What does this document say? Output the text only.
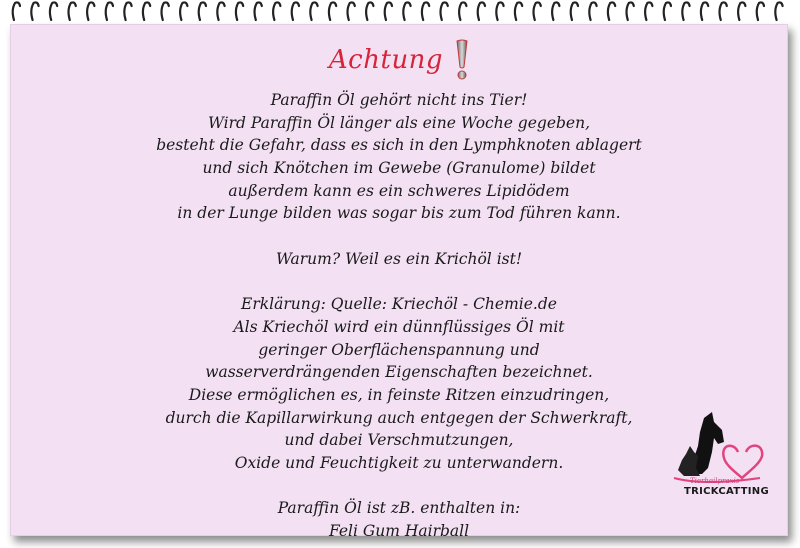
Achtung
Paraffin Öl gehört nicht ins Tier!
Wird Paraffin Öl länger als eine Woche gegeben,
besteht die Gefahr, dass es sich in den Lymphknoten ablagert
und sich Knötchen im Gewebe (Granulome) bildet
außerdem kann es ein schweres Lipidödem
in der Lunge bilden was sogar bis zum Tod führen kann.
Warum? Weil es ein Krichöl ist!
Erklärung: Quelle: Kriechöl - Chemie.de
Als Kriechöl wird ein dünnflüssiges Öl mit
geringer Oberflächenspannung und
wasserverdrängenden Eigenschaften bezeichnet.
Diese ermöglichen es, in feinste Ritzen einzudringen,
durch die Kapillarwirkung auch entgegen der Schwerkraft,
und dabei Verschmutzungen,
Oxide und Feuchtigkeit zu unterwandern.
Paraffin Öl ist zB. enthalten in:
Feli Gum Hairball
Tierheilpraxis
TRICKCATTING
